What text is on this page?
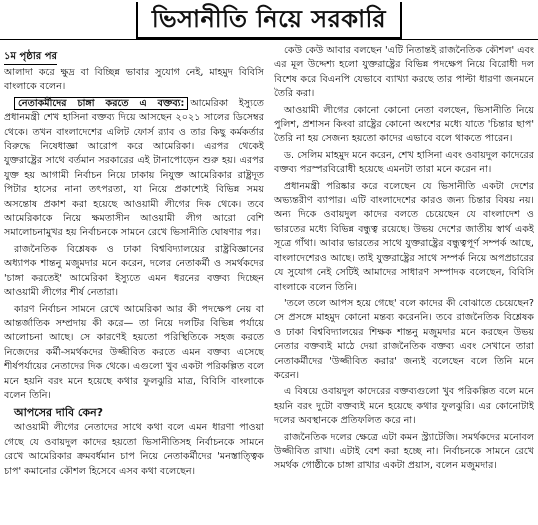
ভিসানীতি নিয়ে সরকারি
১ম পৃষ্ঠার পর

আলাদা করে ক্ষুদ্র বা বিচ্ছিন্ন ভাবার সুযোগ নেই, মাহমুদ বিবিসি বাংলাকে বলেন।

নেতাকর্মীদের চাঙ্গা করতে এ বক্তব্য: আমেরিকা ইস্যুতে প্রধানমন্ত্রী শেখ হাসিনা বক্তব্য দিয়ে আসছেন ২০২১ সালের ডিসেম্বর থেকে। তখন বাংলাদেশের এলিট ফোর্স র‌্যাব ও তার কিছু কর্মকর্তার বিরুদ্ধে নিষেধাজ্ঞা আরোপ করে আমেরিকা। এরপর থেকেই যুক্তরাষ্ট্রের সাথে বর্তমান সরকারের এই টানাপোড়েন শুরু হয়। এরপর যুক্ত হয় আগামী নির্বাচন নিয়ে ঢাকায় নিযুক্ত আমেরিকার রাষ্ট্রদূত পিটার হাসের নানা তৎপরতা, যা নিয়ে প্রকাশ্যেই বিভিন্ন সময় অসন্তোষ প্রকাশ করা হয়েছে আওয়ামী লীগের দিক থেকে। তবে আমেরিকাকে নিয়ে ক্ষমতাসীন আওয়ামী লীগ আরো বেশি সমালোচনামুখর হয় নির্বাচনকে সামনে রেখে ভিসানীতি ঘোষণার পর।

রাজনৈতিক বিশ্লেষক ও ঢাকা বিশ্ববিদ্যালয়ের রাষ্ট্রবিজ্ঞানের অধ্যাপক শান্তনু মজুমদার মনে করেন, দলের নেতাকর্মী ও সমর্থকদের 'চাঙ্গা করতেই' আমেরিকা ইস্যুতে এমন ধরনের বক্তব্য দিচ্ছেন আওয়ামী লীগের শীর্ষ নেতারা।

কারণ নির্বাচন সামনে রেখে আমেরিকা আর কী পদক্ষেপ নেয় বা আন্তর্জাতিক সম্প্রদায় কী করে— তা নিয়ে দলটির বিভিন্ন পর্যায়ে আলোচনা আছে। সে কারণেই হয়তো পরিস্থিতিকে সহজ করতে নিজেদের কর্মী-সমর্থকদের উজ্জীবিত করতে এমন বক্তব্য এসেছে শীর্ষপর্যায়ের নেতাদের দিক থেকে। এগুলো খুব একটা পরিকল্পিত বলে মনে হয়নি বরং মনে হয়েছে কথার ফুলঝুরি মাত্র, বিবিসি বাংলাকে বলেন তিনি।

আপসের দাবি কেন?

আওয়ামী লীগের নেতাদের সাথে কথা বলে এমন ধারণা পাওয়া গেছে যে ওবায়দুল কাদের হয়তো ভিসানীতিসহ নির্বাচনকে সামনে রেখে আমেরিকার ক্রমবর্ধমান চাপ নিয়ে নেতাকর্মীদের 'মনস্তাত্ত্বিক চাপ' কমানোর কৌশল হিসেবে এসব কথা বলেছেন।

কেউ কেউ আবার বলছেন 'এটি নিতান্তই রাজনৈতিক কৌশল' এবং এর মূল উদ্দেশ্য হলো যুক্তরাষ্ট্রের বিভিন্ন পদক্ষেপ নিয়ে বিরোধী দল বিশেষ করে বিএনপি যেভাবে ব্যাখ্যা করছে তার পাল্টা ধারণা জনমনে তৈরি করা।

আওয়ামী লীগের কোনো কোনো নেতা বলছেন, ভিসানীতি নিয়ে পুলিশ, প্রশাসন কিংবা রাষ্ট্রের কোনো অংশের মধ্যে যাতে 'চিন্তার ছাপ' তৈরি না হয় সেজন্য হয়তো কাদের এভাবে বলে থাকতে পারেন।

ড. সেলিম মাহমুদ মনে করেন, শেখ হাসিনা এবং ওবায়দুল কাদেরের বক্তব্য পরস্পরবিরোধী হয়েছে এমনটা তারা মনে করেন না।

প্রধানমন্ত্রী পরিষ্কার করে বলেছেন যে ভিসানীতি একটা দেশের অভ্যন্তরীণ ব্যাপার। এটি বাংলাদেশের কারও জন্য চিন্তার বিষয় নয়। অন্য দিকে ওবায়দুল কাদের বলতে চেয়েছেন যে বাংলাদেশ ও ভারতের মধ্যে বিভিন্ন বন্ধুত্ব রয়েছে। উভয় দেশের জাতীয় স্বার্থ একই সূত্রে গাঁথা। আবার ভারতের সাথে যুক্তরাষ্ট্রের বন্ধুত্বপূর্ণ সম্পর্ক আছে, বাংলাদেশেরও আছে। তাই যুক্তরাষ্ট্রের সাথে সম্পর্ক নিয়ে অপপ্রচারের যে সুযোগ নেই সেটিই আমাদের সাধারণ সম্পাদক বলেছেন, বিবিসি বাংলাকে বলেন তিনি।

'তলে তলে আপস হয়ে গেছে' বলে কাদের কী বোঝাতে চেয়েছেন? সে প্রসঙ্গে মাহমুদ কোনো মন্তব্য করেননি। তবে রাজনৈতিক বিশ্লেষক ও ঢাকা বিশ্ববিদ্যালয়ের শিক্ষক শান্তনু মজুমদার মনে করছেন উভয় নেতার বক্তব্যই মাঠে দেয়া রাজনৈতিক বক্তব্য এবং সেখানে তারা নেতাকর্মীদের 'উজ্জীবিত করার' জন্যই বলেছেন বলে তিনি মনে করেন।

এ বিষয়ে ওবায়দুল কাদেরের বক্তব্যগুলো খুব পরিকল্পিত বলে মনে হয়নি বরং দুটো বক্তব্যই মনে হয়েছে কথার ফুলঝুরি। এর কোনোটাই দলের অবস্থানকে প্রতিফলিত করে না।

রাজনৈতিক দলের ক্ষেত্রে এটা কমন স্ট্র্যাটেজি। সমর্থকদের মনোবল উজ্জীবিত রাখা। এটাই বেশ করা হচ্ছে না। নির্বাচনকে সামনে রেখে সমর্থক গোষ্ঠীকে চাঙ্গা রাখার একটা প্রয়াস, বলেন মজুমদার।
